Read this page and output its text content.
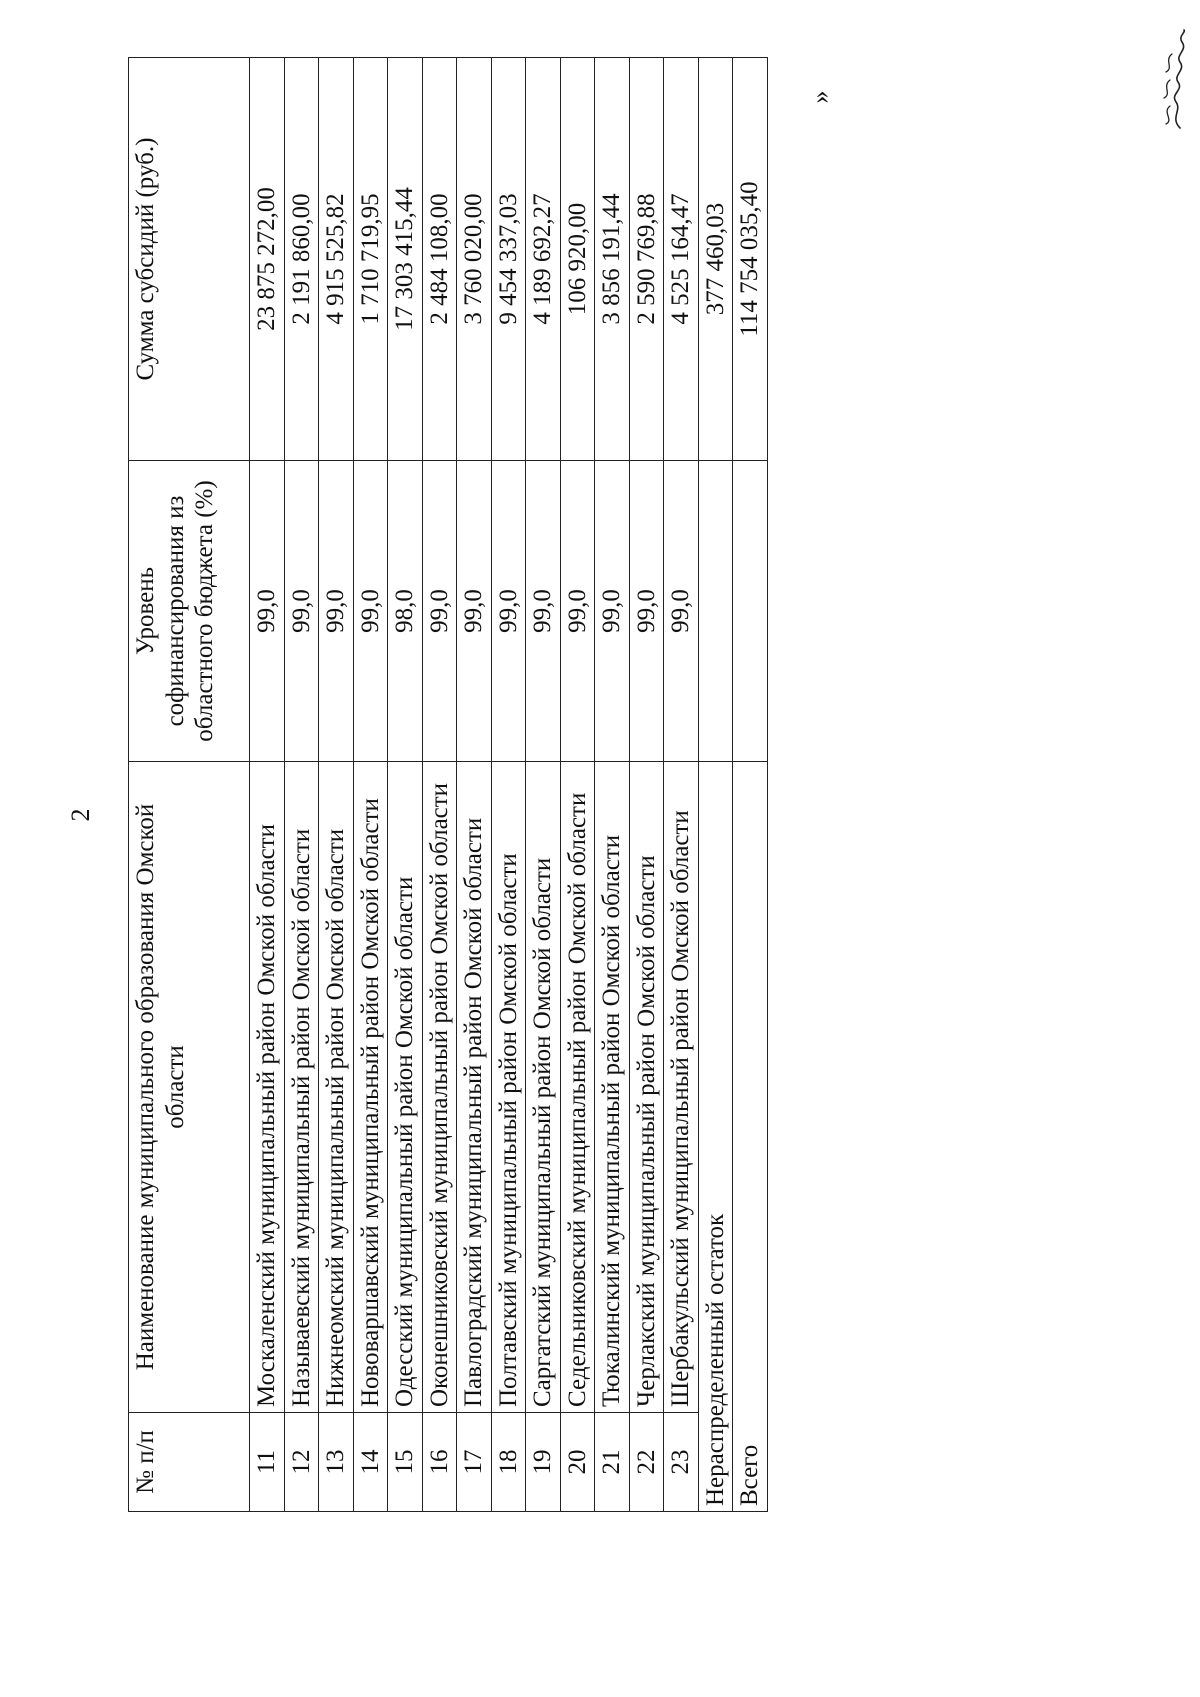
2
№ п/п	Наименование муниципального образования Омской области	Уровень софинансирования из областного бюджета (%)	Сумма субсидий (руб.)
11	Москаленский муниципальный район Омской области	99,0	23 875 272,00
12	Называевский муниципальный район Омской области	99,0	2 191 860,00
13	Нижнеомский муниципальный район Омской области	99,0	4 915 525,82
14	Нововаршавский муниципальный район Омской области	99,0	1 710 719,95
15	Одесский муниципальный район Омской области	98,0	17 303 415,44
16	Оконешниковский муниципальный район Омской области	99,0	2 484 108,00
17	Павлоградский муниципальный район Омской области	99,0	3 760 020,00
18	Полтавский муниципальный район Омской области	99,0	9 454 337,03
19	Саргатский муниципальный район Омской области	99,0	4 189 692,27
20	Седельниковский муниципальный район Омской области	99,0	106 920,00
21	Тюкалинский муниципальный район Омской области	99,0	3 856 191,44
22	Черлакский муниципальный район Омской области	99,0	2 590 769,88
23	Шербакульский муниципальный район Омской области	99,0	4 525 164,47
Нераспределенный остаток			377 460,03
Всего			114 754 035,40
»
